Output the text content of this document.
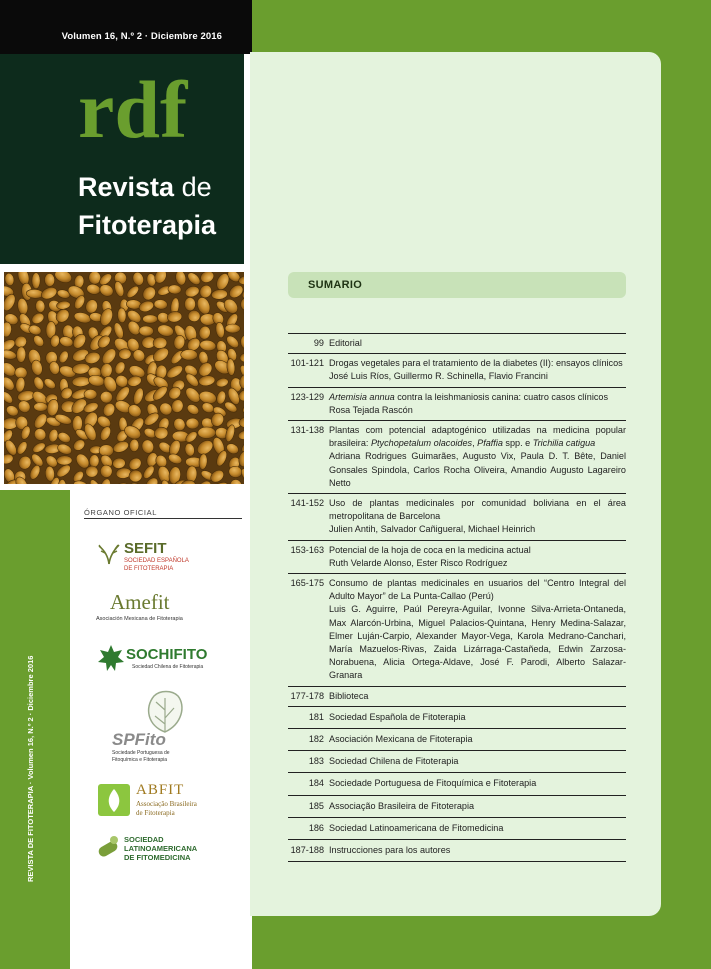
Volumen 16, N.º 2 · Diciembre 2016
rdf
Revista de
Fitoterapia
ÓRGANO OFICIAL
SEFIT
SOCIEDAD ESPAÑOLA
DE FITOTERAPIA
Amefit
Asociación Mexicana de Fitoterapia
SOCHIFITO
Sociedad Chilena de Fitoterapia
SPFito
Sociedade Portuguesa de
Fitoquímica e Fitoterapia
ABFIT
Associação Brasileira
de Fitoterapia
SOCIEDAD
LATINOAMERICANA
DE FITOMEDICINA
REVISTA DE FITOTERAPIA · Volumen 16, N.º 2 · Diciembre 2016
SUMARIO
99 Editorial
101-121 Drogas vegetales para el tratamiento de la diabetes (II): ensayos clínicos
José Luis Ríos, Guillermo R. Schinella, Flavio Francini
123-129 Artemisia annua contra la leishmaniosis canina: cuatro casos clínicos
Rosa Tejada Rascón
131-138 Plantas com potencial adaptogénico utilizadas na medicina popular brasileira: Ptychopetalum olacoides, Pfaffia spp. e Trichilia catigua
Adriana Rodrigues Guimarães, Augusto Vix, Paula D. T. Bête, Daniel Gonsales Spindola, Carlos Rocha Oliveira, Amandio Augusto Lagareiro Netto
141-152 Uso de plantas medicinales por comunidad boliviana en el área metropolitana de Barcelona
Julien Antih, Salvador Cañigueral, Michael Heinrich
153-163 Potencial de la hoja de coca en la medicina actual
Ruth Velarde Alonso, Ester Risco Rodríguez
165-175 Consumo de plantas medicinales en usuarios del “Centro Integral del Adulto Mayor” de La Punta-Callao (Perú)
Luis G. Aguirre, Paúl Pereyra-Aguilar, Ivonne Silva-Arrieta-Ontaneda, Max Alarcón-Urbina, Miguel Palacios-Quintana, Henry Medina-Salazar, Elmer Luján-Carpio, Alexander Mayor-Vega, Karola Medrano-Canchari, María Mazuelos-Rivas, Zaida Lizárraga-Castañeda, Edwin Zarzosa-Norabuena, Alicia Ortega-Aldave, José F. Parodi, Alberto Salazar-Granara
177-178 Biblioteca
181 Sociedad Española de Fitoterapia
182 Asociación Mexicana de Fitoterapia
183 Sociedad Chilena de Fitoterapia
184 Sociedade Portuguesa de Fitoquímica e Fitoterapia
185 Associação Brasileira de Fitoterapia
186 Sociedad Latinoamericana de Fitomedicina
187-188 Instrucciones para los autores
